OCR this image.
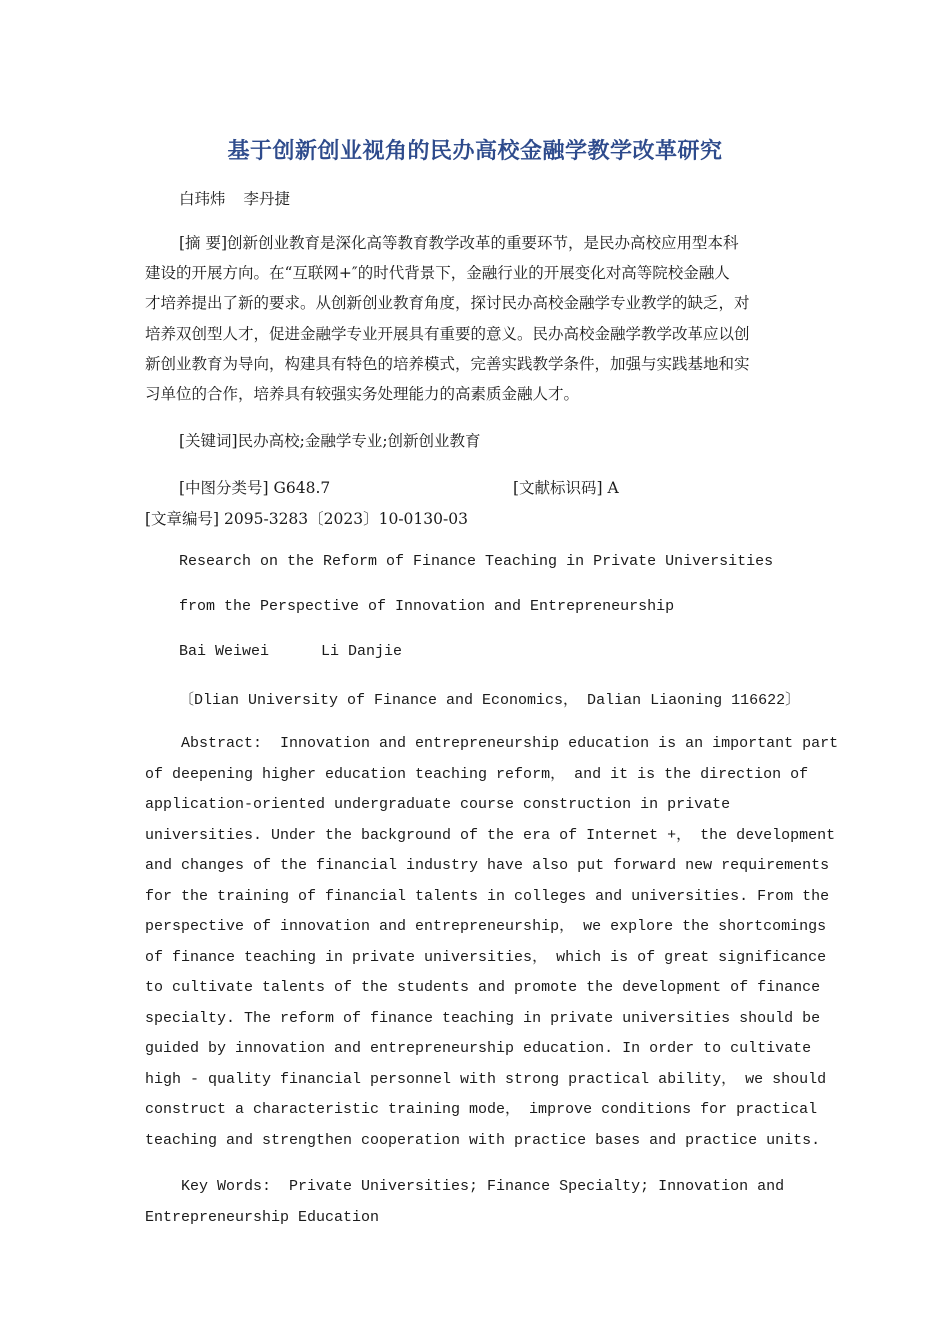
基于创新创业视角的民办高校金融学教学改革研究
白玮炜 李丹捷
[摘 要]创新创业教育是深化高等教育教学改革的重要环节，是民办高校应用型本科
建设的开展方向。在“互联网+″的时代背景下，金融行业的开展变化对高等院校金融人
才培养提出了新的要求。从创新创业教育角度，探讨民办高校金融学专业教学的缺乏，对
培养双创型人才，促进金融学专业开展具有重要的意义。民办高校金融学教学改革应以创
新创业教育为导向，构建具有特色的培养模式，完善实践教学条件，加强与实践基地和实
习单位的合作，培养具有较强实务处理能力的高素质金融人才。
[关键词]民办高校;金融学专业;创新创业教育
[中图分类号] G648.7	[文献标识码] A
[文章编号] 2095-3283〔2023〕10-0130-03
Research on the Reform of Finance Teaching in Private Universities
from the Perspective of Innovation and Entrepreneurship
Bai Weiwei	Li Danjie
〔Dlian University of Finance and Economics， Dalian Liaoning 116622〕
Abstract:  Innovation and entrepreneurship education is an important part
of deepening higher education teaching reform， and it is the direction of
application-oriented undergraduate course construction in private
universities. Under the background of the era of Internet +， the development
and changes of the financial industry have also put forward new requirements
for the training of financial talents in colleges and universities. From the
perspective of innovation and entrepreneurship， we explore the shortcomings
of finance teaching in private universities， which is of great significance
to cultivate talents of the students and promote the development of finance
specialty. The reform of finance teaching in private universities should be
guided by innovation and entrepreneurship education. In order to cultivate
high - quality financial personnel with strong practical ability， we should
construct a characteristic training mode， improve conditions for practical
teaching and strengthen cooperation with practice bases and practice units.
Key Words:  Private Universities; Finance Specialty; Innovation and
Entrepreneurship Education
